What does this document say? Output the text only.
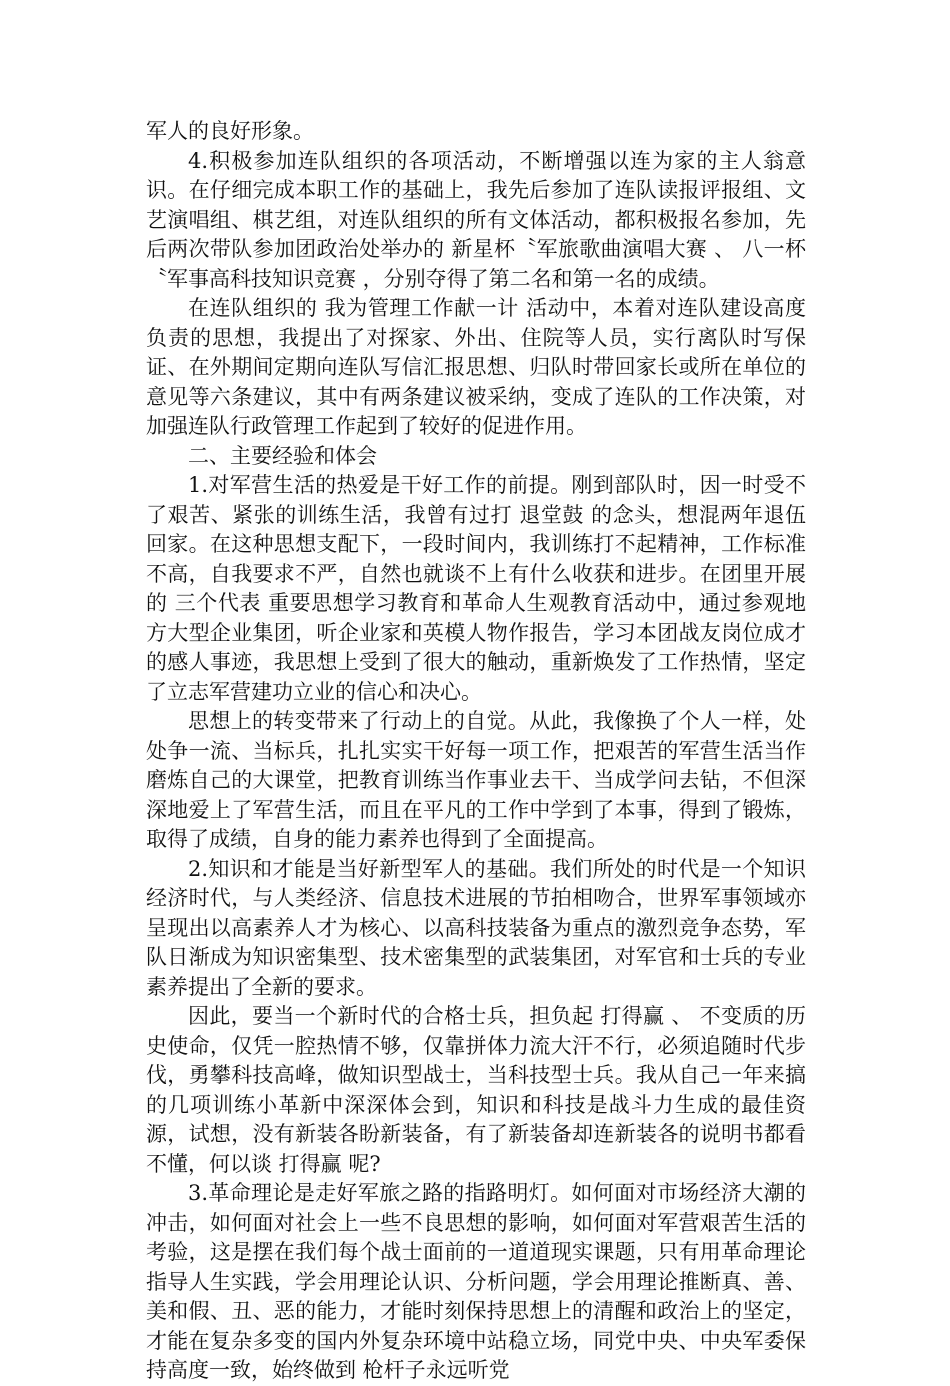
军人的良好形象。

4.积极参加连队组织的各项活动，不断增强以连为家的主人翁意识。在仔细完成本职工作的基础上，我先后参加了连队读报评报组、文艺演唱组、棋艺组，对连队组织的所有文体活动，都积极报名参加，先后两次带队参加团政治处举办的 新星杯〝军旅歌曲演唱大赛 、 八一杯〝军事高科技知识竞赛 ，分别夺得了第二名和第一名的成绩。

在连队组织的 我为管理工作献一计 活动中，本着对连队建设高度负责的思想，我提出了对探家、外出、住院等人员，实行离队时写保证、在外期间定期向连队写信汇报思想、归队时带回家长或所在单位的意见等六条建议，其中有两条建议被采纳，变成了连队的工作决策，对加强连队行政管理工作起到了较好的促进作用。

二、主要经验和体会

1.对军营生活的热爱是干好工作的前提。刚到部队时，因一时受不了艰苦、紧张的训练生活，我曾有过打 退堂鼓 的念头，想混两年退伍回家。在这种思想支配下，一段时间内，我训练打不起精神，工作标准不高，自我要求不严，自然也就谈不上有什么收获和进步。在团里开展的 三个代表 重要思想学习教育和革命人生观教育活动中，通过参观地方大型企业集团，听企业家和英模人物作报告，学习本团战友岗位成才的感人事迹，我思想上受到了很大的触动，重新焕发了工作热情，坚定了立志军营建功立业的信心和决心。

思想上的转变带来了行动上的自觉。从此，我像换了个人一样，处处争一流、当标兵，扎扎实实干好每一项工作，把艰苦的军营生活当作磨炼自己的大课堂，把教育训练当作事业去干、当成学问去钻，不但深深地爱上了军营生活，而且在平凡的工作中学到了本事，得到了锻炼，取得了成绩，自身的能力素养也得到了全面提高。

2.知识和才能是当好新型军人的基础。我们所处的时代是一个知识经济时代，与人类经济、信息技术进展的节拍相吻合，世界军事领域亦呈现出以高素养人才为核心、以高科技装备为重点的激烈竞争态势，军队日渐成为知识密集型、技术密集型的武装集团，对军官和士兵的专业素养提出了全新的要求。

因此，要当一个新时代的合格士兵，担负起 打得赢 、 不变质的历史使命，仅凭一腔热情不够，仅靠拼体力流大汗不行，必须追随时代步伐，勇攀科技高峰，做知识型战士，当科技型士兵。我从自己一年来搞的几项训练小革新中深深体会到，知识和科技是战斗力生成的最佳资源，试想，没有新装各盼新装备，有了新装备却连新装各的说明书都看不懂，何以谈 打得赢 呢?

3.革命理论是走好军旅之路的指路明灯。如何面对市场经济大潮的冲击，如何面对社会上一些不良思想的影响，如何面对军营艰苦生活的考验，这是摆在我们每个战士面前的一道道现实课题，只有用革命理论指导人生实践，学会用理论认识、分析问题，学会用理论推断真、善、美和假、丑、恶的能力，才能时刻保持思想上的清醒和政治上的坚定，才能在复杂多变的国内外复杂环境中站稳立场，同党中央、中央军委保持高度一致，始终做到 枪杆子永远听党
